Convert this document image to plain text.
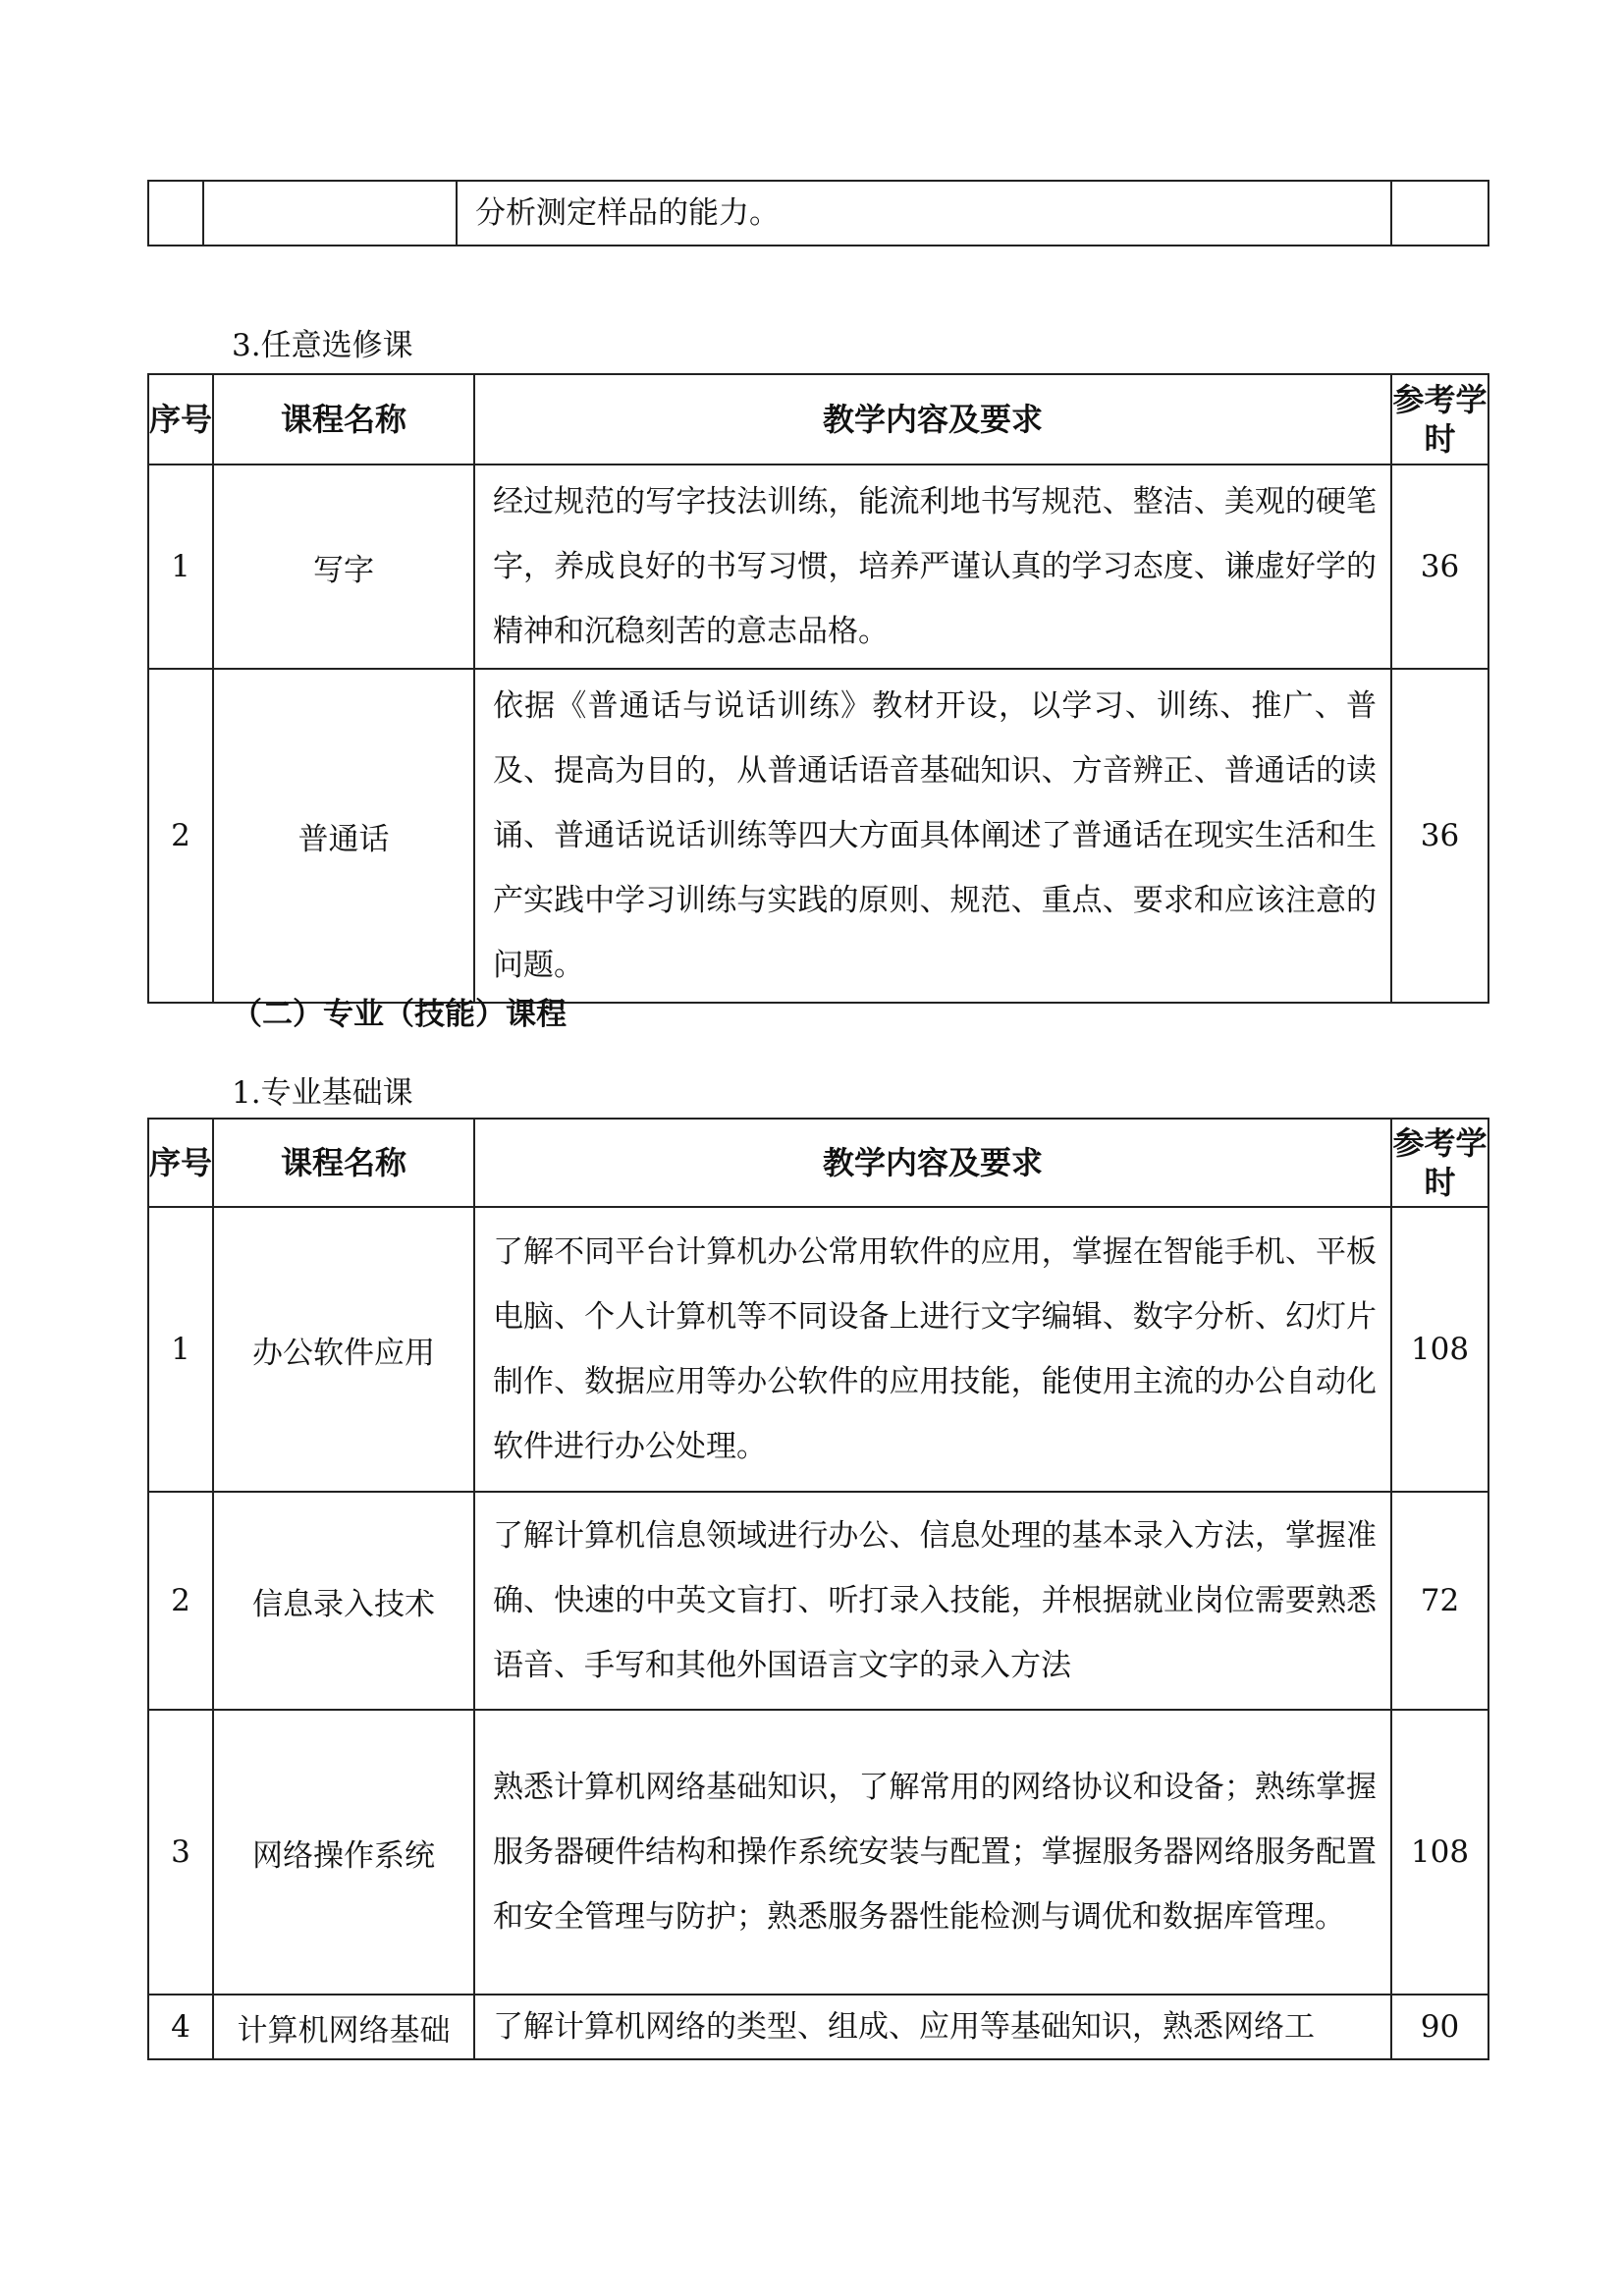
		分析测定样品的能力。	
3.任意选修课
序号	课程名称	教学内容及要求	参考学时
1	写字	经过规范的写字技法训练，能流利地书写规范、整洁、美观的硬笔字，养成良好的书写习惯，培养严谨认真的学习态度、谦虚好学的精神和沉稳刻苦的意志品格。	36
2	普通话	依据《普通话与说话训练》教材开设，以学习、训练、推广、普及、提高为目的，从普通话语音基础知识、方音辨正、普通话的读诵、普通话说话训练等四大方面具体阐述了普通话在现实生活和生产实践中学习训练与实践的原则、规范、重点、要求和应该注意的问题。	36
（二）专业（技能）课程
1.专业基础课
序号	课程名称	教学内容及要求	参考学时
1	办公软件应用	了解不同平台计算机办公常用软件的应用，掌握在智能手机、平板电脑、个人计算机等不同设备上进行文字编辑、数字分析、幻灯片制作、数据应用等办公软件的应用技能，能使用主流的办公自动化软件进行办公处理。	108
2	信息录入技术	了解计算机信息领域进行办公、信息处理的基本录入方法，掌握准确、快速的中英文盲打、听打录入技能，并根据就业岗位需要熟悉语音、手写和其他外国语言文字的录入方法	72
3	网络操作系统	熟悉计算机网络基础知识，了解常用的网络协议和设备；熟练掌握服务器硬件结构和操作系统安装与配置；掌握服务器网络服务配置和安全管理与防护；熟悉服务器性能检测与调优和数据库管理。	108
4	计算机网络基础	了解计算机网络的类型、组成、应用等基础知识，熟悉网络工	90
